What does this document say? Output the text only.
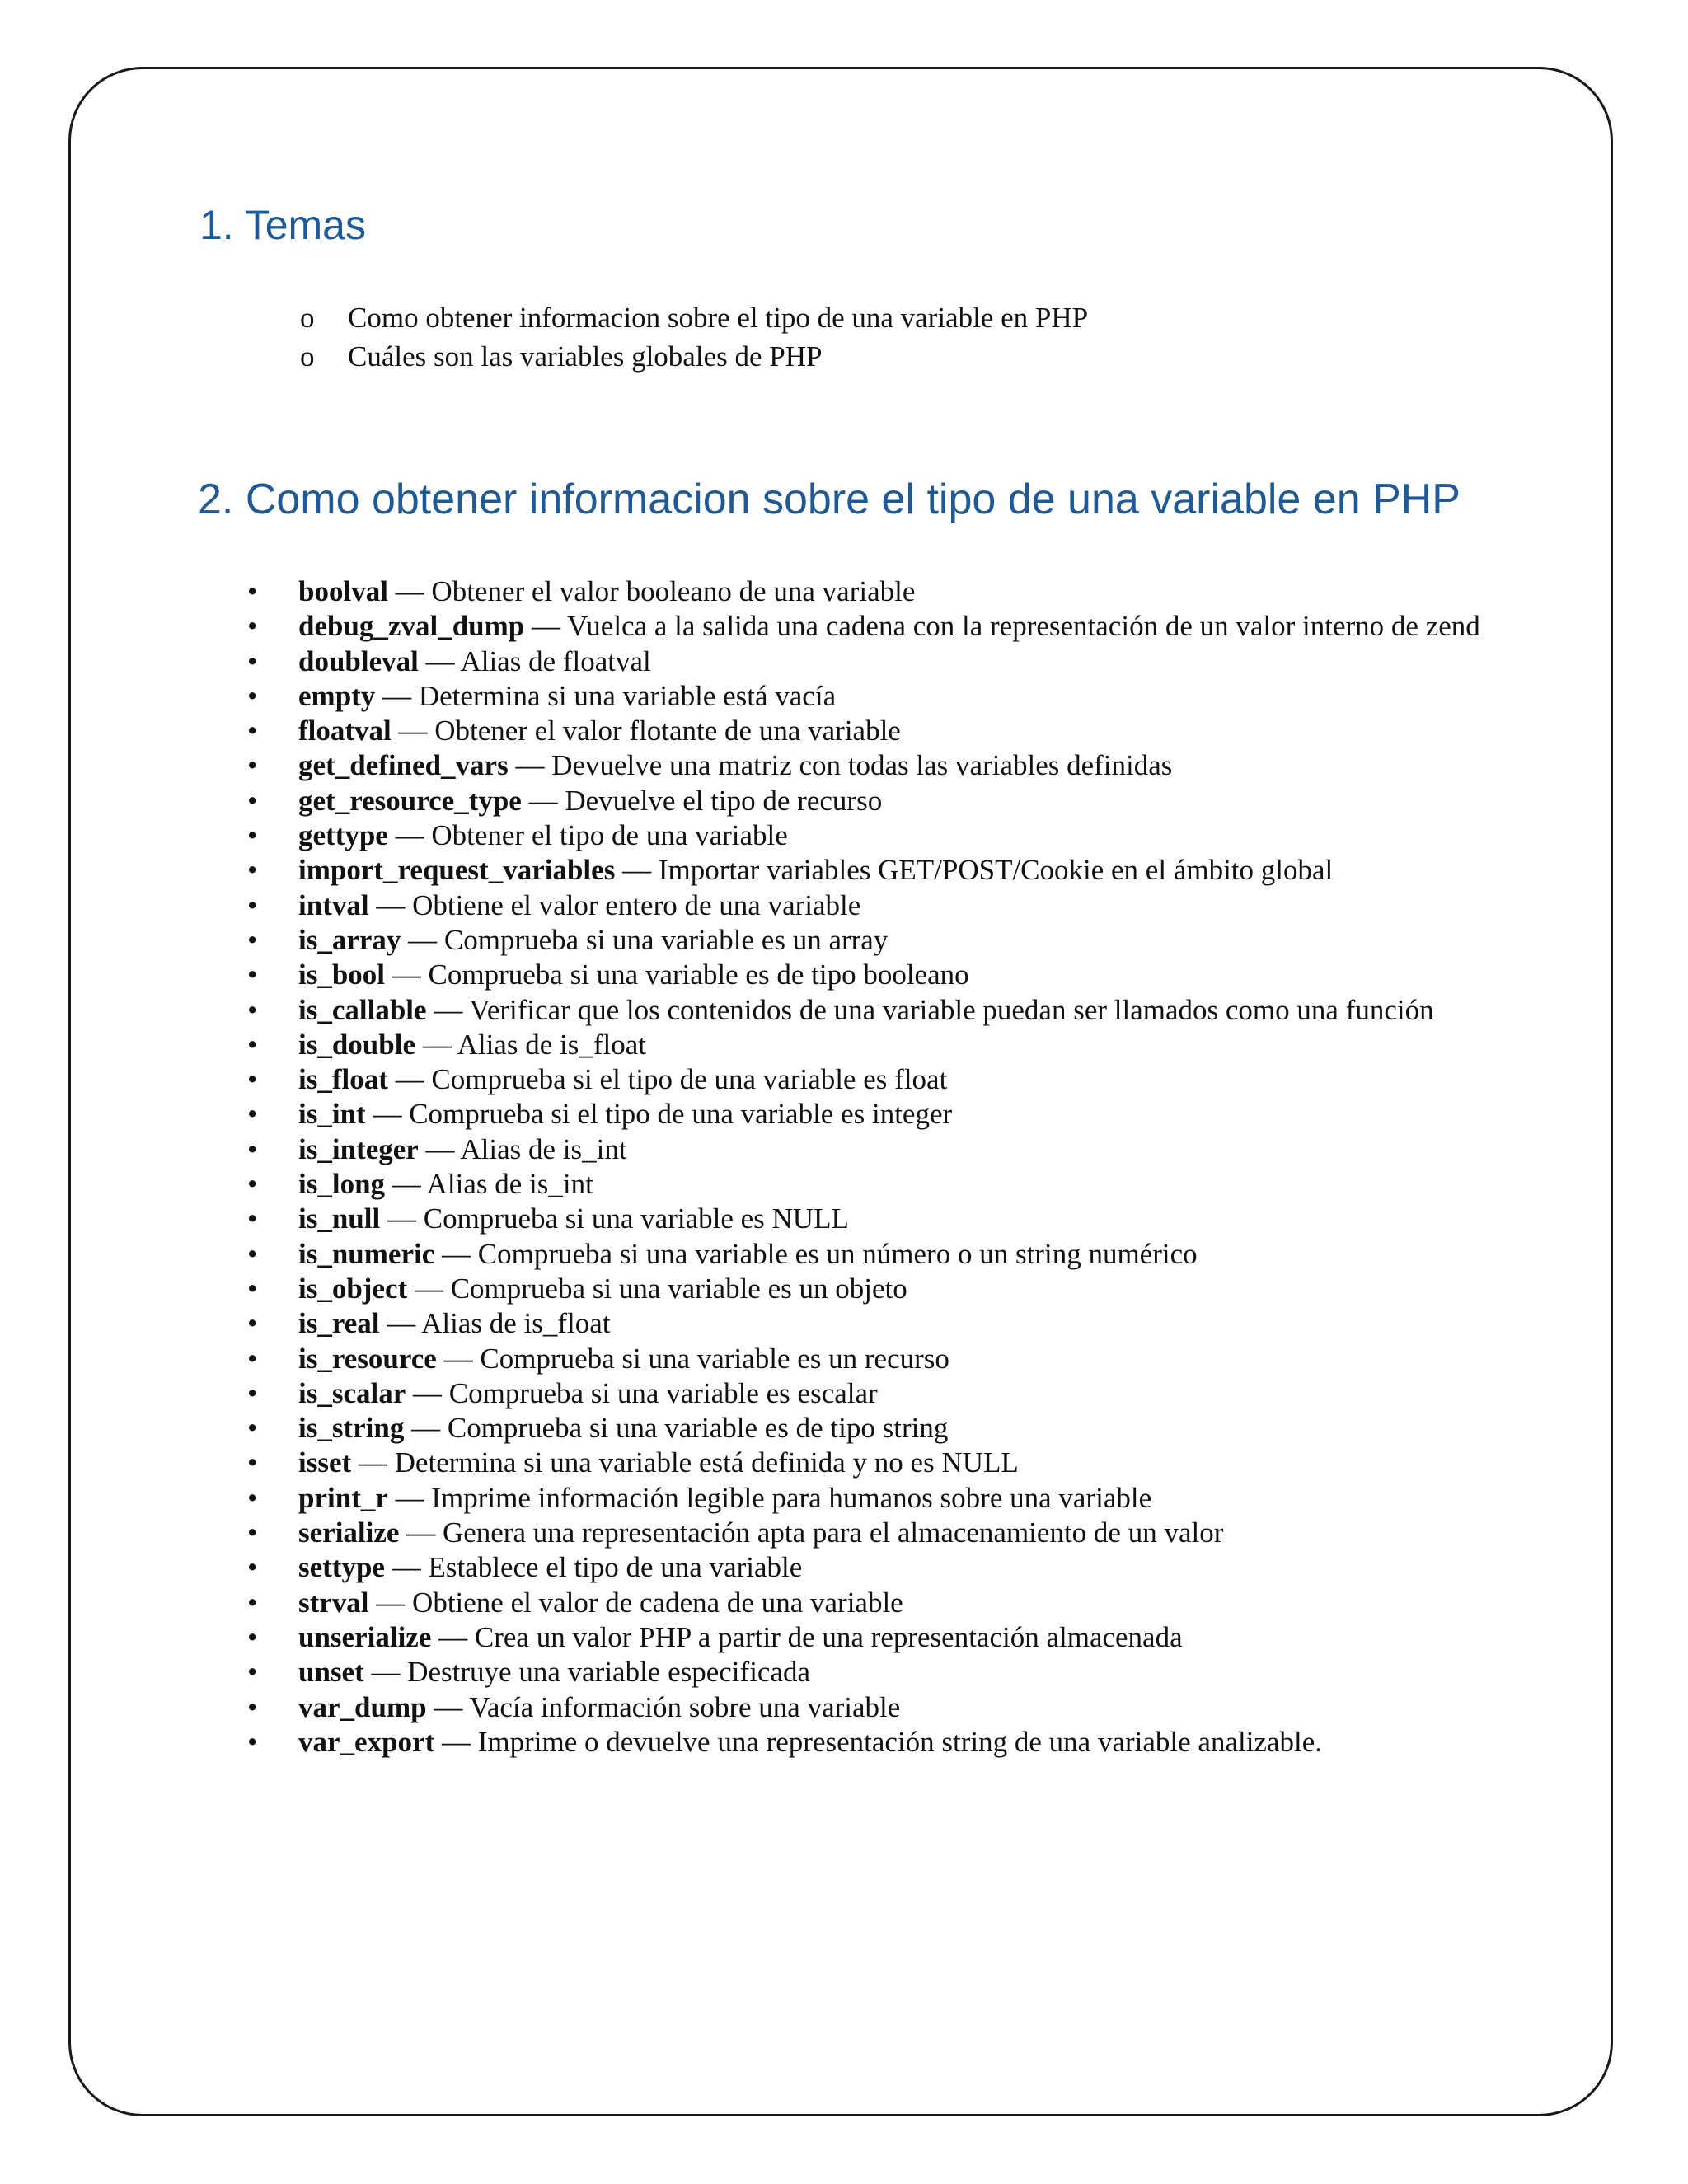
1. Temas
o Como obtener informacion sobre el tipo de una variable en PHP
o Cuáles son las variables globales de PHP
2. Como obtener informacion sobre el tipo de una variable en PHP
• boolval — Obtener el valor booleano de una variable
• debug_zval_dump — Vuelca a la salida una cadena con la representación de un valor interno de zend
• doubleval — Alias de floatval
• empty — Determina si una variable está vacía
• floatval — Obtener el valor flotante de una variable
• get_defined_vars — Devuelve una matriz con todas las variables definidas
• get_resource_type — Devuelve el tipo de recurso
• gettype — Obtener el tipo de una variable
• import_request_variables — Importar variables GET/POST/Cookie en el ámbito global
• intval — Obtiene el valor entero de una variable
• is_array — Comprueba si una variable es un array
• is_bool — Comprueba si una variable es de tipo booleano
• is_callable — Verificar que los contenidos de una variable puedan ser llamados como una función
• is_double — Alias de is_float
• is_float — Comprueba si el tipo de una variable es float
• is_int — Comprueba si el tipo de una variable es integer
• is_integer — Alias de is_int
• is_long — Alias de is_int
• is_null — Comprueba si una variable es NULL
• is_numeric — Comprueba si una variable es un número o un string numérico
• is_object — Comprueba si una variable es un objeto
• is_real — Alias de is_float
• is_resource — Comprueba si una variable es un recurso
• is_scalar — Comprueba si una variable es escalar
• is_string — Comprueba si una variable es de tipo string
• isset — Determina si una variable está definida y no es NULL
• print_r — Imprime información legible para humanos sobre una variable
• serialize — Genera una representación apta para el almacenamiento de un valor
• settype — Establece el tipo de una variable
• strval — Obtiene el valor de cadena de una variable
• unserialize — Crea un valor PHP a partir de una representación almacenada
• unset — Destruye una variable especificada
• var_dump — Vacía información sobre una variable
• var_export — Imprime o devuelve una representación string de una variable analizable.
